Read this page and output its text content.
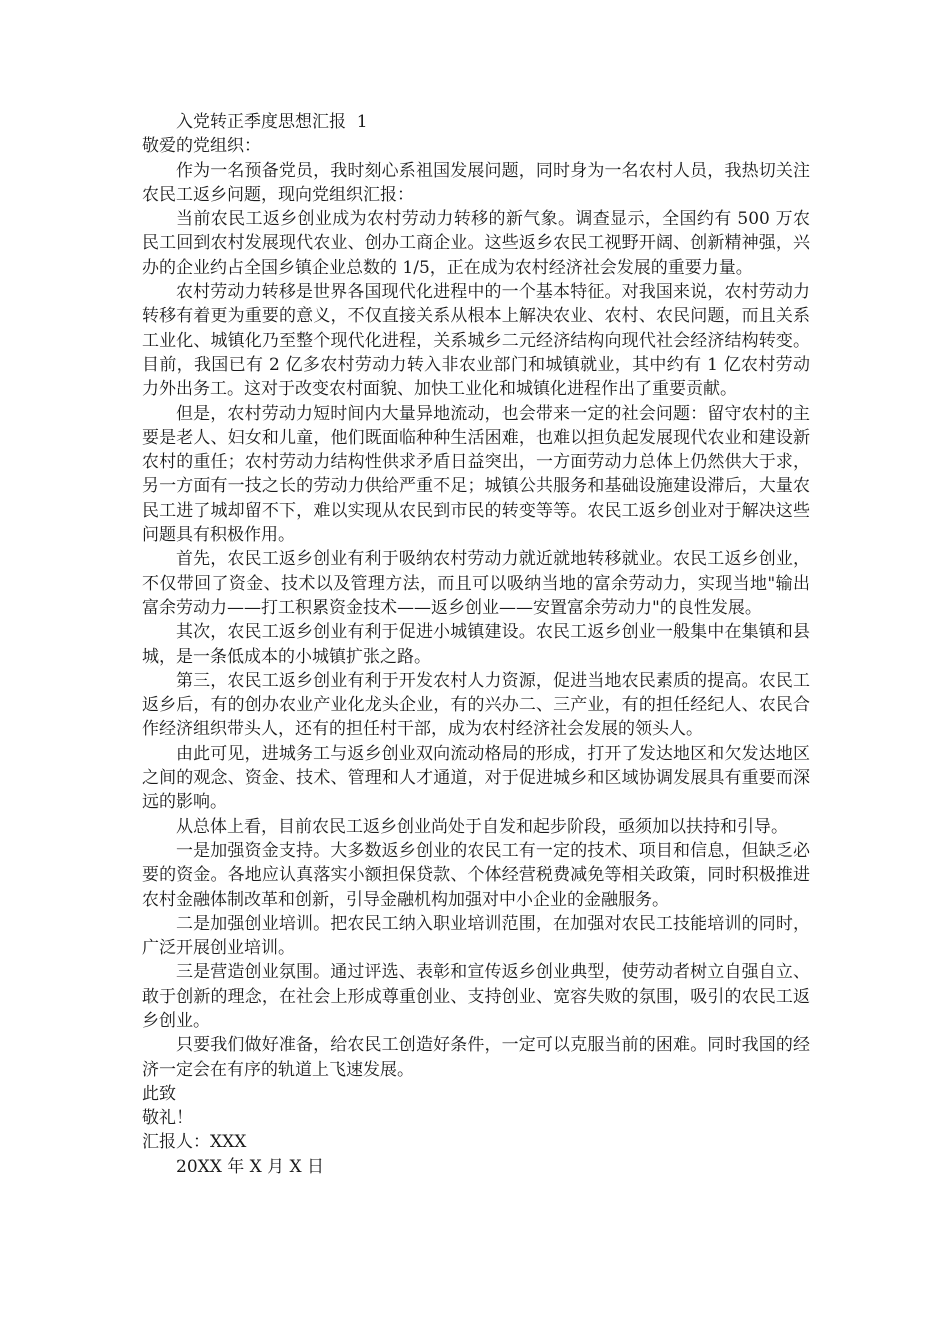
入党转正季度思想汇报  1

敬爱的党组织：

作为一名预备党员，我时刻心系祖国发展问题，同时身为一名农村人员，我热切关注农民工返乡问题，现向党组织汇报：

当前农民工返乡创业成为农村劳动力转移的新气象。调查显示，全国约有 500 万农民工回到农村发展现代农业、创办工商企业。这些返乡农民工视野开阔、创新精神强，兴办的企业约占全国乡镇企业总数的 1/5，正在成为农村经济社会发展的重要力量。

农村劳动力转移是世界各国现代化进程中的一个基本特征。对我国来说，农村劳动力转移有着更为重要的意义，不仅直接关系从根本上解决农业、农村、农民问题，而且关系工业化、城镇化乃至整个现代化进程，关系城乡二元经济结构向现代社会经济结构转变。目前，我国已有 2 亿多农村劳动力转入非农业部门和城镇就业，其中约有 1 亿农村劳动力外出务工。这对于改变农村面貌、加快工业化和城镇化进程作出了重要贡献。

但是，农村劳动力短时间内大量异地流动，也会带来一定的社会问题：留守农村的主要是老人、妇女和儿童，他们既面临种种生活困难，也难以担负起发展现代农业和建设新农村的重任；农村劳动力结构性供求矛盾日益突出，一方面劳动力总体上仍然供大于求，另一方面有一技之长的劳动力供给严重不足；城镇公共服务和基础设施建设滞后，大量农民工进了城却留不下，难以实现从农民到市民的转变等等。农民工返乡创业对于解决这些问题具有积极作用。

首先，农民工返乡创业有利于吸纳农村劳动力就近就地转移就业。农民工返乡创业，不仅带回了资金、技术以及管理方法，而且可以吸纳当地的富余劳动力，实现当地"输出富余劳动力——打工积累资金技术——返乡创业——安置富余劳动力"的良性发展。

其次，农民工返乡创业有利于促进小城镇建设。农民工返乡创业一般集中在集镇和县城，是一条低成本的小城镇扩张之路。

第三，农民工返乡创业有利于开发农村人力资源，促进当地农民素质的提高。农民工返乡后，有的创办农业产业化龙头企业，有的兴办二、三产业，有的担任经纪人、农民合作经济组织带头人，还有的担任村干部，成为农村经济社会发展的领头人。

由此可见，进城务工与返乡创业双向流动格局的形成，打开了发达地区和欠发达地区之间的观念、资金、技术、管理和人才通道，对于促进城乡和区域协调发展具有重要而深远的影响。

从总体上看，目前农民工返乡创业尚处于自发和起步阶段，亟须加以扶持和引导。

一是加强资金支持。大多数返乡创业的农民工有一定的技术、项目和信息，但缺乏必要的资金。各地应认真落实小额担保贷款、个体经营税费减免等相关政策，同时积极推进农村金融体制改革和创新，引导金融机构加强对中小企业的金融服务。

二是加强创业培训。把农民工纳入职业培训范围，在加强对农民工技能培训的同时，广泛开展创业培训。

三是营造创业氛围。通过评选、表彰和宣传返乡创业典型，使劳动者树立自强自立、敢于创新的理念，在社会上形成尊重创业、支持创业、宽容失败的氛围，吸引的农民工返乡创业。

只要我们做好准备，给农民工创造好条件，一定可以克服当前的困难。同时我国的经济一定会在有序的轨道上飞速发展。

此致

敬礼！

汇报人：XXX

20XX 年 X 月 X 日
